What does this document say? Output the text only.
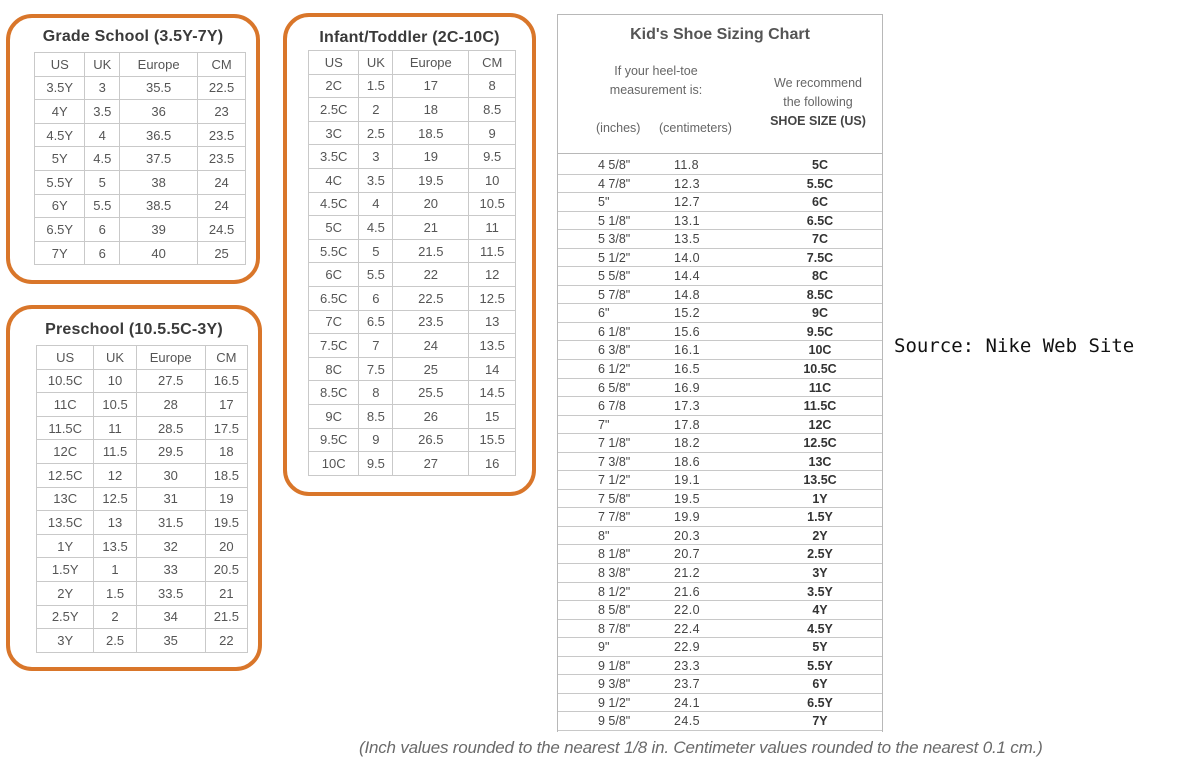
Grade School (3.5Y-7Y)
US	UK	Europe	CM
3.5Y	3	35.5	22.5
4Y	3.5	36	23
4.5Y	4	36.5	23.5
5Y	4.5	37.5	23.5
5.5Y	5	38	24
6Y	5.5	38.5	24
6.5Y	6	39	24.5
7Y	6	40	25
Preschool (10.5.5C-3Y)
US	UK	Europe	CM
10.5C	10	27.5	16.5
11C	10.5	28	17
11.5C	11	28.5	17.5
12C	11.5	29.5	18
12.5C	12	30	18.5
13C	12.5	31	19
13.5C	13	31.5	19.5
1Y	13.5	32	20
1.5Y	1	33	20.5
2Y	1.5	33.5	21
2.5Y	2	34	21.5
3Y	2.5	35	22
Infant/Toddler (2C-10C)
US	UK	Europe	CM
2C	1.5	17	8
2.5C	2	18	8.5
3C	2.5	18.5	9
3.5C	3	19	9.5
4C	3.5	19.5	10
4.5C	4	20	10.5
5C	4.5	21	11
5.5C	5	21.5	11.5
6C	5.5	22	12
6.5C	6	22.5	12.5
7C	6.5	23.5	13
7.5C	7	24	13.5
8C	7.5	25	14
8.5C	8	25.5	14.5
9C	8.5	26	15
9.5C	9	26.5	15.5
10C	9.5	27	16
Kid's Shoe Sizing Chart
If your heel-toe
measurement is:	We recommend
the following
SHOE SIZE (US)
(inches) (centimeters)
4 5/8"	11.8	5C
4 7/8"	12.3	5.5C
5"	12.7	6C
5 1/8"	13.1	6.5C
5 3/8"	13.5	7C
5 1/2"	14.0	7.5C
5 5/8"	14.4	8C
5 7/8"	14.8	8.5C
6"	15.2	9C
6 1/8"	15.6	9.5C
6 3/8"	16.1	10C
6 1/2"	16.5	10.5C
6 5/8"	16.9	11C
6 7/8	17.3	11.5C
7"	17.8	12C
7 1/8"	18.2	12.5C
7 3/8"	18.6	13C
7 1/2"	19.1	13.5C
7 5/8"	19.5	1Y
7 7/8"	19.9	1.5Y
8"	20.3	2Y
8 1/8"	20.7	2.5Y
8 3/8"	21.2	3Y
8 1/2"	21.6	3.5Y
8 5/8"	22.0	4Y
8 7/8"	22.4	4.5Y
9"	22.9	5Y
9 1/8"	23.3	5.5Y
9 3/8"	23.7	6Y
9 1/2"	24.1	6.5Y
9 5/8"	24.5	7Y
Source: Nike Web Site
(Inch values rounded to the nearest 1/8 in. Centimeter values rounded to the nearest 0.1 cm.)
